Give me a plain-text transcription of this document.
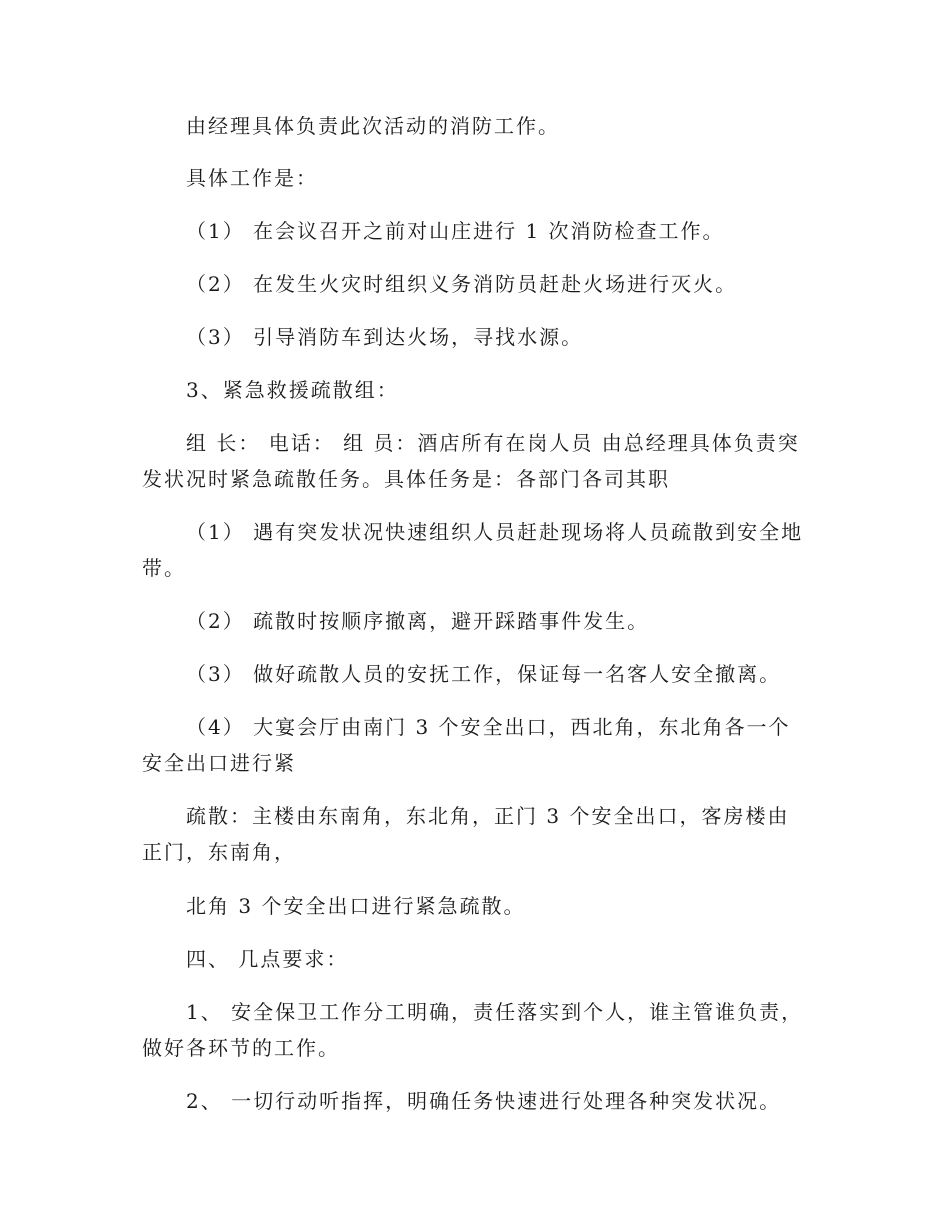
由经理具体负责此次活动的消防工作。

具体工作是：

（1） 在会议召开之前对山庄进行 1 次消防检查工作。

（2） 在发生火灾时组织义务消防员赶赴火场进行灭火。

（3） 引导消防车到达火场，寻找水源。

3、紧急救援疏散组：

组 长： 电话： 组 员：酒店所有在岗人员 由总经理具体负责突发状况时紧急疏散任务。具体任务是：各部门各司其职

（1） 遇有突发状况快速组织人员赶赴现场将人员疏散到安全地带。

（2） 疏散时按顺序撤离，避开踩踏事件发生。

（3） 做好疏散人员的安抚工作，保证每一名客人安全撤离。

（4） 大宴会厅由南门 3 个安全出口，西北角，东北角各一个安全出口进行紧

疏散：主楼由东南角，东北角，正门 3 个安全出口，客房楼由正门，东南角，

北角 3 个安全出口进行紧急疏散。

四、 几点要求：

1、 安全保卫工作分工明确，责任落实到个人，谁主管谁负责，做好各环节的工作。

2、 一切行动听指挥，明确任务快速进行处理各种突发状况。
